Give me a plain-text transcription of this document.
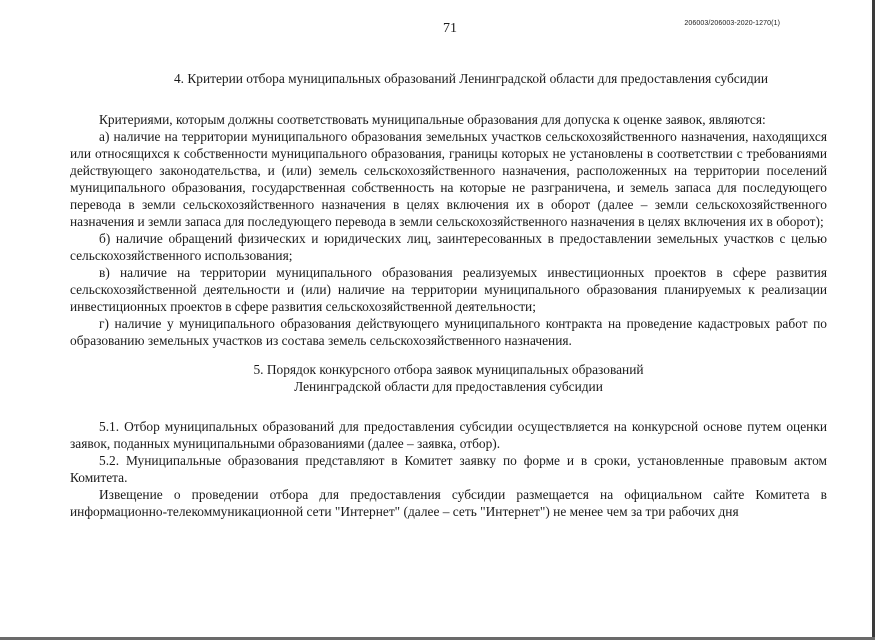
71	206003/206003-2020-1270(1)
4. Критерии отбора муниципальных образований Ленинградской области для предоставления субсидии

Критериями, которым должны соответствовать муниципальные образования для допуска к оценке заявок, являются:

а) наличие на территории муниципального образования земельных участков сельскохозяйственного назначения, находящихся или относящихся к собственности муниципального образования, границы которых не установлены в соответствии с требованиями действующего законодательства, и (или) земель сельскохозяйственного назначения, расположенных на территории поселений муниципального образования, государственная собственность на которые не разграничена, и земель запаса для последующего перевода в земли сельскохозяйственного назначения в целях включения их в оборот (далее – земли сельскохозяйственного назначения и земли запаса для последующего перевода в земли сельскохозяйственного назначения в целях включения их в оборот);

б) наличие обращений физических и юридических лиц, заинтересованных в предоставлении земельных участков с целью сельскохозяйственного использования;

в) наличие на территории муниципального образования реализуемых инвестиционных проектов в сфере развития сельскохозяйственной деятельности и (или) наличие на территории муниципального образования планируемых к реализации инвестиционных проектов в сфере развития сельскохозяйственной деятельности;

г) наличие у муниципального образования действующего муниципального контракта на проведение кадастровых работ по образованию земельных участков из состава земель сельскохозяйственного назначения.

5. Порядок конкурсного отбора заявок муниципальных образований
Ленинградской области для предоставления субсидии

5.1. Отбор муниципальных образований для предоставления субсидии осуществляется на конкурсной основе путем оценки заявок, поданных муниципальными образованиями (далее – заявка, отбор).

5.2. Муниципальные образования представляют в Комитет заявку по форме и в сроки, установленные правовым актом Комитета.

Извещение о проведении отбора для предоставления субсидии размещается на официальном сайте Комитета в информационно-телекоммуникационной сети "Интернет" (далее – сеть "Интернет") не менее чем за три рабочих дня
